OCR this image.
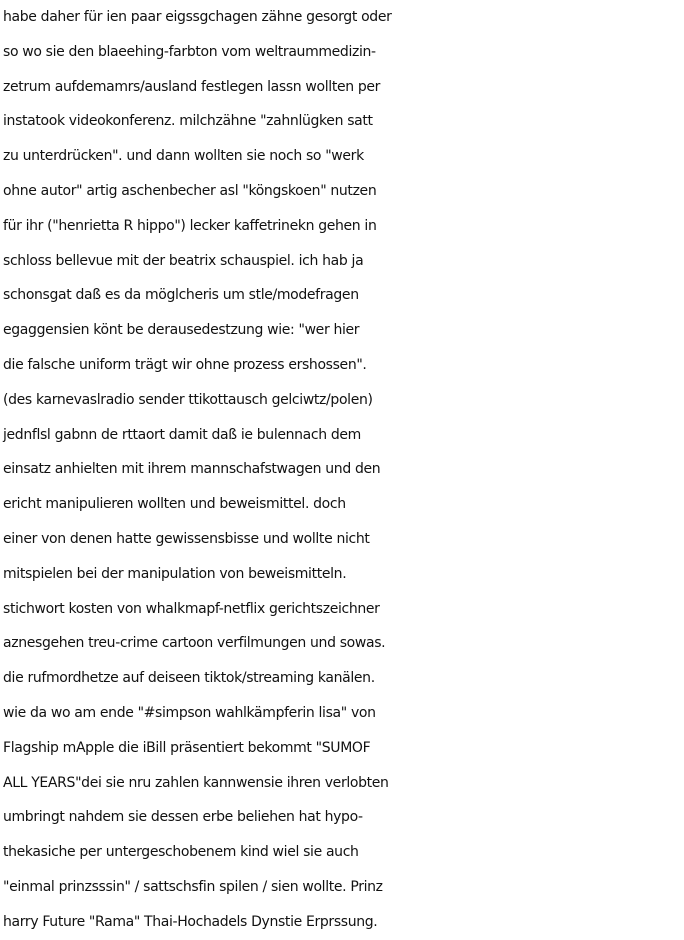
habe daher für ien paar eigssgchagen zähne gesorgt oder
so wo sie den blaeehing-farbton vom weltraummedizin-
zetrum aufdemamrs/ausland festlegen lassn wollten per
instatook videokonferenz. milchzähne "zahnlügken satt
zu unterdrücken". und dann wollten sie noch so "werk
ohne autor" artig aschenbecher asl "köngskoen" nutzen
für ihr ("henrietta R hippo") lecker kaffetrinekn gehen in
schloss bellevue mit der beatrix schauspiel. ich hab ja
schonsgat daß es da möglcheris um stle/modefragen
egaggensien könt be derausedestzung wie: "wer hier
die falsche uniform trägt wir ohne prozess ershossen".
(des karnevaslradio sender ttikottausch gelciwtz/polen)
jednflsl gabnn de rttaort damit daß ie bulennach dem
einsatz anhielten mit ihrem mannschafstwagen und den
ericht manipulieren wollten und beweismittel. doch
einer von denen hatte gewissensbisse und wollte nicht
mitspielen bei der manipulation von beweismitteln.
stichwort kosten von whalkmapf-netflix gerichtszeichner
aznesgehen treu-crime cartoon verfilmungen und sowas.
die rufmordhetze auf deiseen tiktok/streaming kanälen.
wie da wo am ende "#simpson wahlkämpferin lisa" von
Flagship mApple die iBill präsentiert bekommt "SUMOF
ALL YEARS"dei sie nru zahlen kannwensie ihren verlobten
umbringt nahdem sie dessen erbe beliehen hat hypo-
thekasiche per untergeschobenem kind wiel sie auch
"einmal prinzsssin" / sattschsfin spilen / sien wollte. Prinz
harry Future "Rama" Thai-Hochadels Dynstie Erprssung.
